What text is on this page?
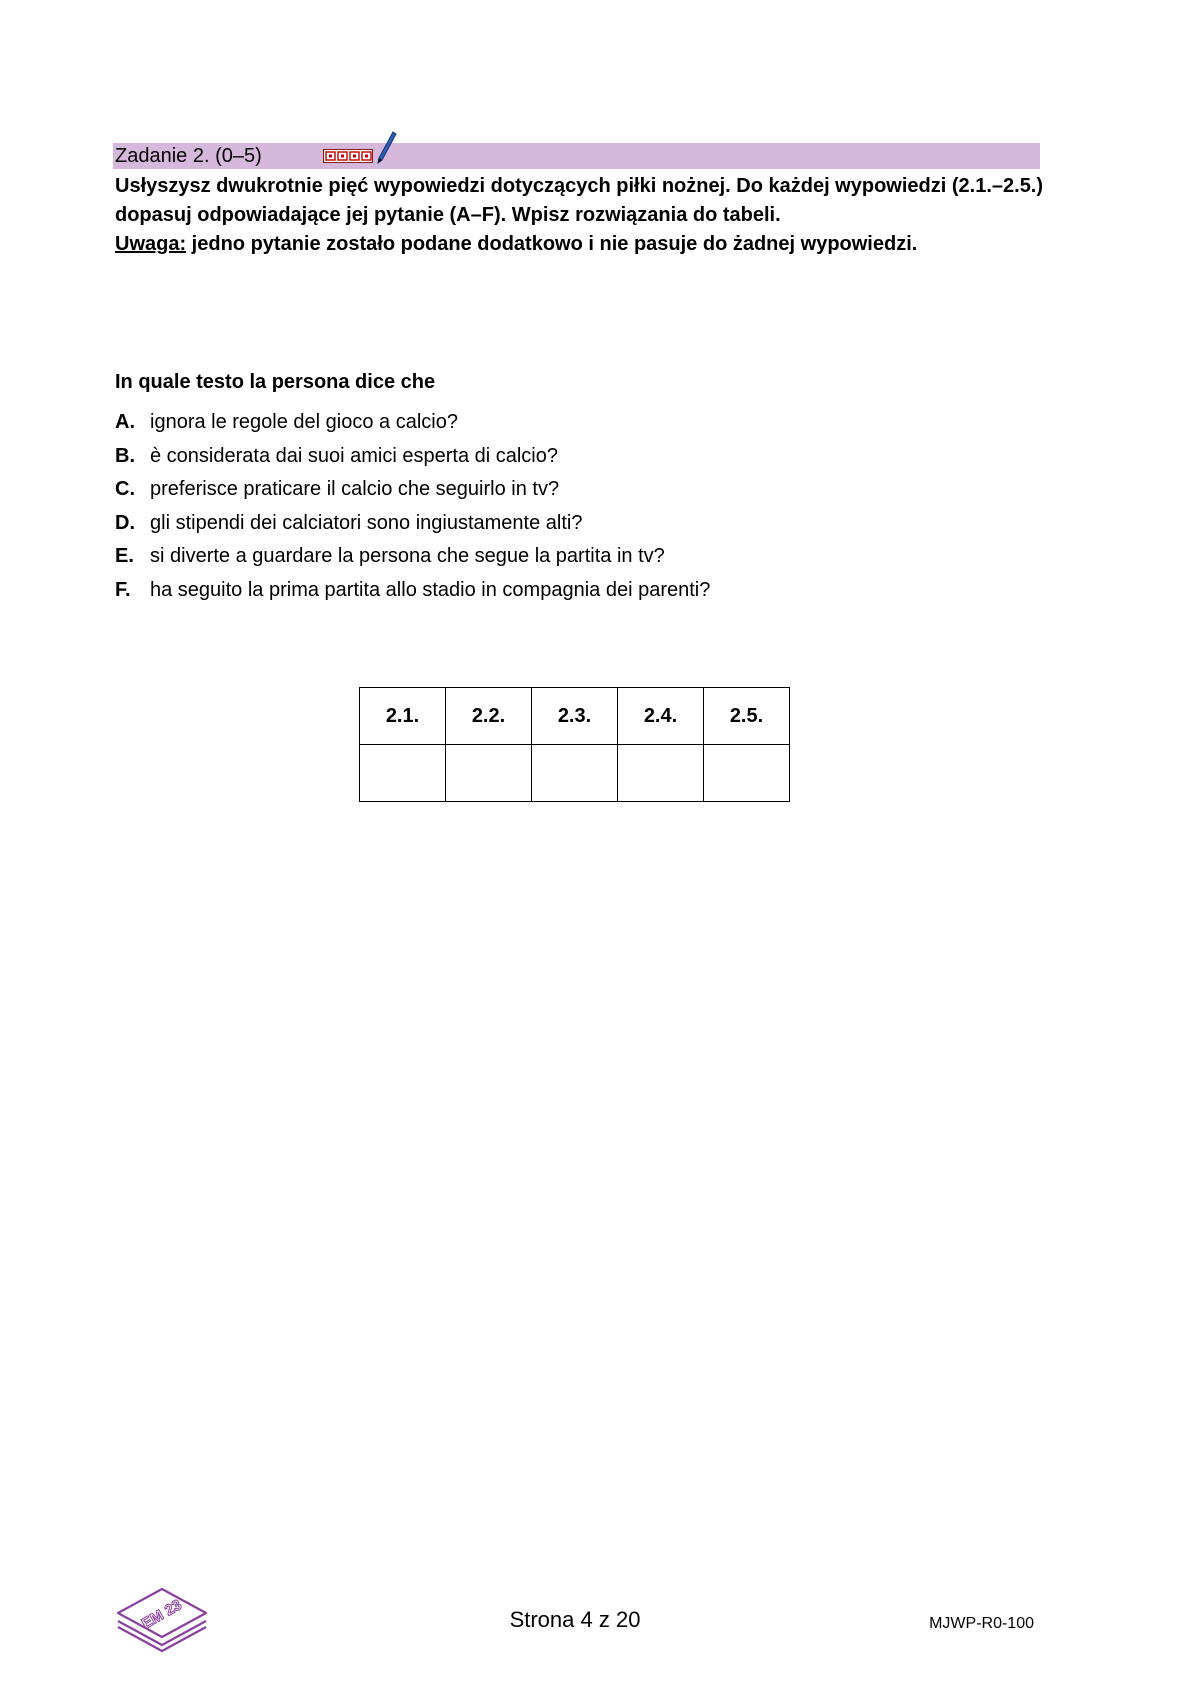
Zadanie 2. (0–5)

Usłyszysz dwukrotnie pięć wypowiedzi dotyczących piłki nożnej. Do każdej wypowiedzi (2.1.–2.5.) dopasuj odpowiadające jej pytanie (A–F). Wpisz rozwiązania do tabeli.

Uwaga: jedno pytanie zostało podane dodatkowo i nie pasuje do żadnej wypowiedzi.

In quale testo la persona dice che
A. ignora le regole del gioco a calcio?
B. è considerata dai suoi amici esperta di calcio?
C. preferisce praticare il calcio che seguirlo in tv?
D. gli stipendi dei calciatori sono ingiustamente alti?
E. si diverte a guardare la persona che segue la partita in tv?
F. ha seguito la prima partita allo stadio in compagnia dei parenti?
2.1.	2.2.	2.3.	2.4.	2.5.

EM 23	Strona 4 z 20	MJWP-R0-100
